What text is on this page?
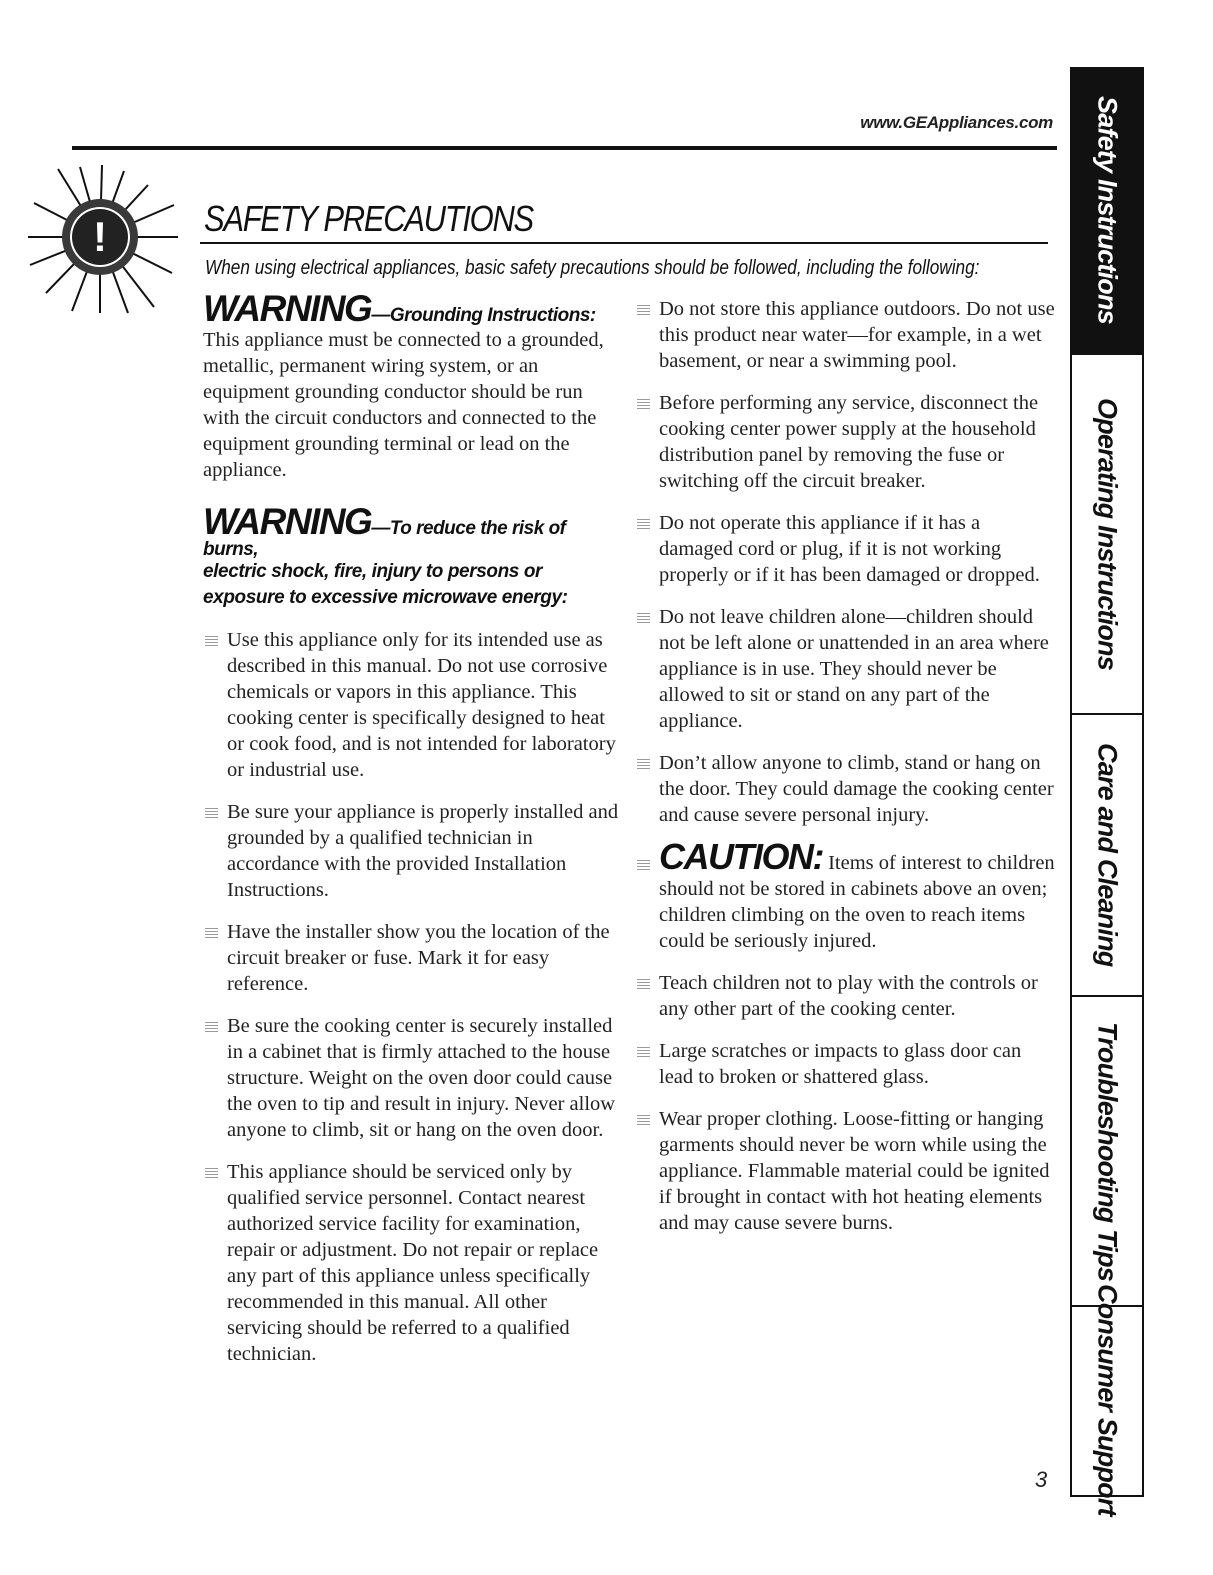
www.GEAppliances.com
!	SAFETY PRECAUTIONS
When using electrical appliances, basic safety precautions should be followed, including the following:
WARNING—Grounding Instructions:

This appliance must be connected to a grounded, metallic, permanent wiring system, or an equipment grounding conductor should be run with the circuit conductors and connected to the equipment grounding terminal or lead on the appliance.

WARNING—To reduce the risk of burns,
electric shock, fire, injury to persons or exposure to excessive microwave energy:
Use this appliance only for its intended use as described in this manual. Do not use corrosive chemicals or vapors in this appliance. This cooking center is specifically designed to heat or cook food, and is not intended for laboratory or industrial use.
Be sure your appliance is properly installed and grounded by a qualified technician in accordance with the provided Installation Instructions.
Have the installer show you the location of the circuit breaker or fuse. Mark it for easy reference.
Be sure the cooking center is securely installed in a cabinet that is firmly attached to the house structure. Weight on the oven door could cause the oven to tip and result in injury. Never allow anyone to climb, sit or hang on the oven door.
This appliance should be serviced only by qualified service personnel. Contact nearest authorized service facility for examination, repair or adjustment. Do not repair or replace any part of this appliance unless specifically recommended in this manual. All other servicing should be referred to a qualified technician.
Do not store this appliance outdoors. Do not use this product near water—for example, in a wet basement, or near a swimming pool.
Before performing any service, disconnect the cooking center power supply at the household distribution panel by removing the fuse or switching off the circuit breaker.
Do not operate this appliance if it has a damaged cord or plug, if it is not working properly or if it has been damaged or dropped.
Do not leave children alone—children should not be left alone or unattended in an area where appliance is in use. They should never be allowed to sit or stand on any part of the appliance.
Don’t allow anyone to climb, stand or hang on the door. They could damage the cooking center and cause severe personal injury.
CAUTION: Items of interest to children should not be stored in cabinets above an oven; children climbing on the oven to reach items could be seriously injured.
Teach children not to play with the controls or any other part of the cooking center.
Large scratches or impacts to glass door can lead to broken or shattered glass.
Wear proper clothing. Loose-fitting or hanging garments should never be worn while using the appliance. Flammable material could be ignited if brought in contact with hot heating elements and may cause severe burns.
Safety Instructions
Operating Instructions
Care and Cleaning
Troubleshooting Tips
Consumer Support
3
